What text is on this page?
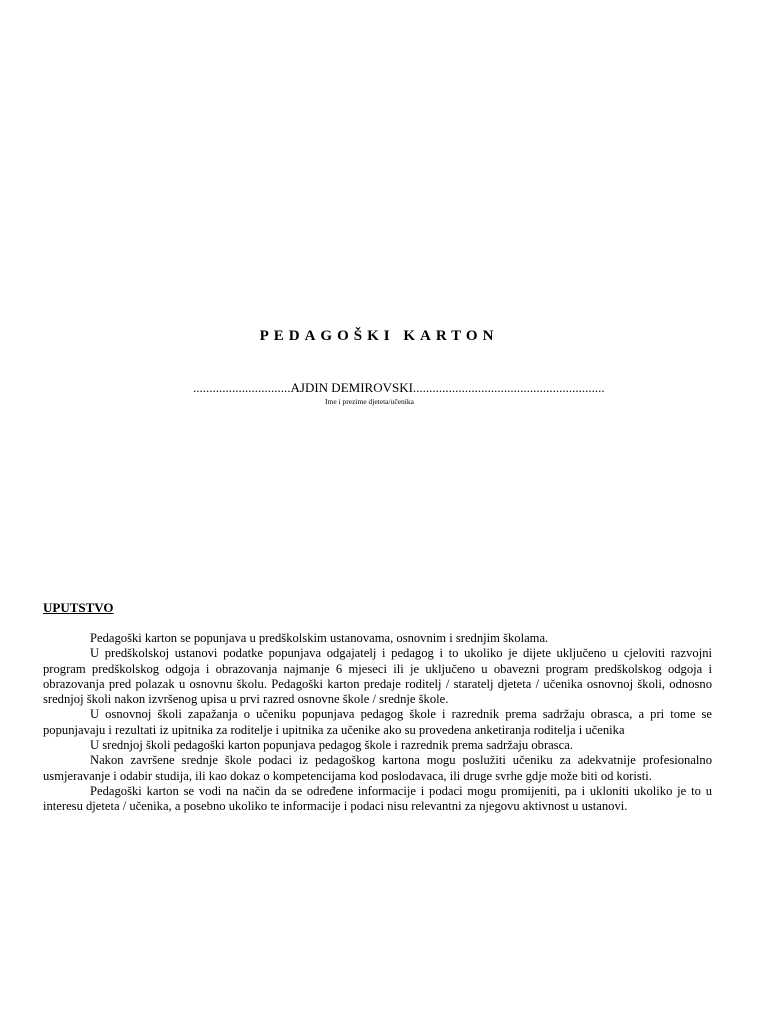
PEDAGOŠKI KARTON
..............................AJDIN DEMIROVSKI...........................................................
Ime i prezime djeteta/učenika
UPUTSTVO

Pedagoški karton se popunjava u predškolskim ustanovama, osnovnim i srednjim školama.

U predškolskoj ustanovi podatke popunjava odgajatelj i pedagog i to ukoliko je dijete uključeno u cjeloviti razvojni program predškolskog odgoja i obrazovanja najmanje 6 mjeseci ili je uključeno u obavezni program predškolskog odgoja i obrazovanja pred polazak u osnovnu školu. Pedagoški karton predaje roditelj / staratelj djeteta / učenika osnovnoj školi, odnosno srednjoj školi nakon izvršenog upisa u prvi razred osnovne škole / srednje škole.

U osnovnoj školi zapažanja o učeniku popunjava pedagog škole i razrednik prema sadržaju obrasca, a pri tome se popunjavaju i rezultati iz upitnika za roditelje i upitnika za učenike ako su provedena anketiranja roditelja i učenika

U srednjoj školi pedagoški karton popunjava pedagog škole i razrednik prema sadržaju obrasca.

Nakon završene srednje škole podaci iz pedagoškog kartona mogu poslužiti učeniku za adekvatnije profesionalno usmjeravanje i odabir studija, ili kao dokaz o kompetencijama kod poslodavaca, ili druge svrhe gdje može biti od koristi.

Pedagoški karton se vodi na način da se određene informacije i podaci mogu promijeniti, pa i ukloniti ukoliko je to u interesu djeteta / učenika, a posebno ukoliko te informacije i podaci nisu relevantni za njegovu aktivnost u ustanovi.
